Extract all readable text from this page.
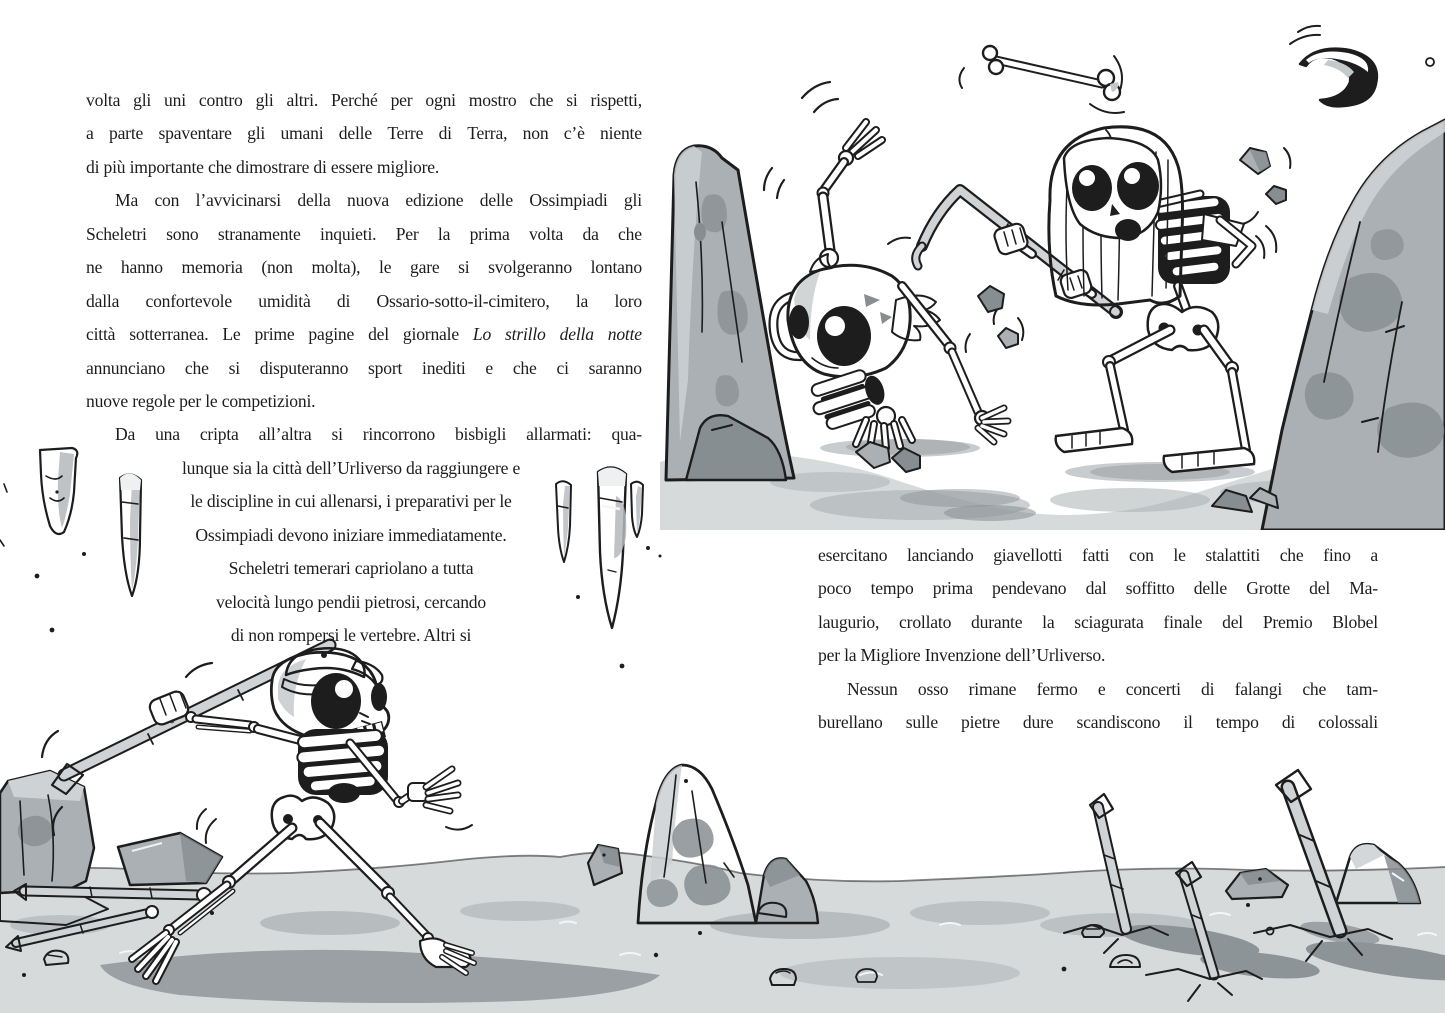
volta gli uni contro gli altri. Perché per ogni mostro che si rispetti,
a parte spaventare gli umani delle Terre di Terra, non c’è niente
di più importante che dimostrare di essere migliore.
Ma con l’avvicinarsi della nuova edizione delle Ossimpiadi gli
Scheletri sono stranamente inquieti. Per la prima volta da che
ne hanno memoria (non molta), le gare si svolgeranno lontano
dalla confortevole umidità di Ossario-sotto-il-cimitero, la loro
città sotterranea. Le prime pagine del giornale Lo strillo della notte
annunciano che si disputeranno sport inediti e che ci saranno
nuove regole per le competizioni.
Da una cripta all’altra si rincorrono bisbigli allarmati: qua-
lunque sia la città dell’Urliverso da raggiungere e
le discipline in cui allenarsi, i preparativi per le
Ossimpiadi devono iniziare immediatamente.
Scheletri temerari capriolano a tutta
velocità lungo pendii pietrosi, cercando
di non rompersi le vertebre. Altri si
esercitano lanciando giavellotti fatti con le stalattiti che fino a
poco tempo prima pendevano dal soffitto delle Grotte del Ma-
laugurio, crollato durante la sciagurata finale del Premio Blobel
per la Migliore Invenzione dell’Urliverso.
Nessun osso rimane fermo e concerti di falangi che tam-
burellano sulle pietre dure scandiscono il tempo di colossali
